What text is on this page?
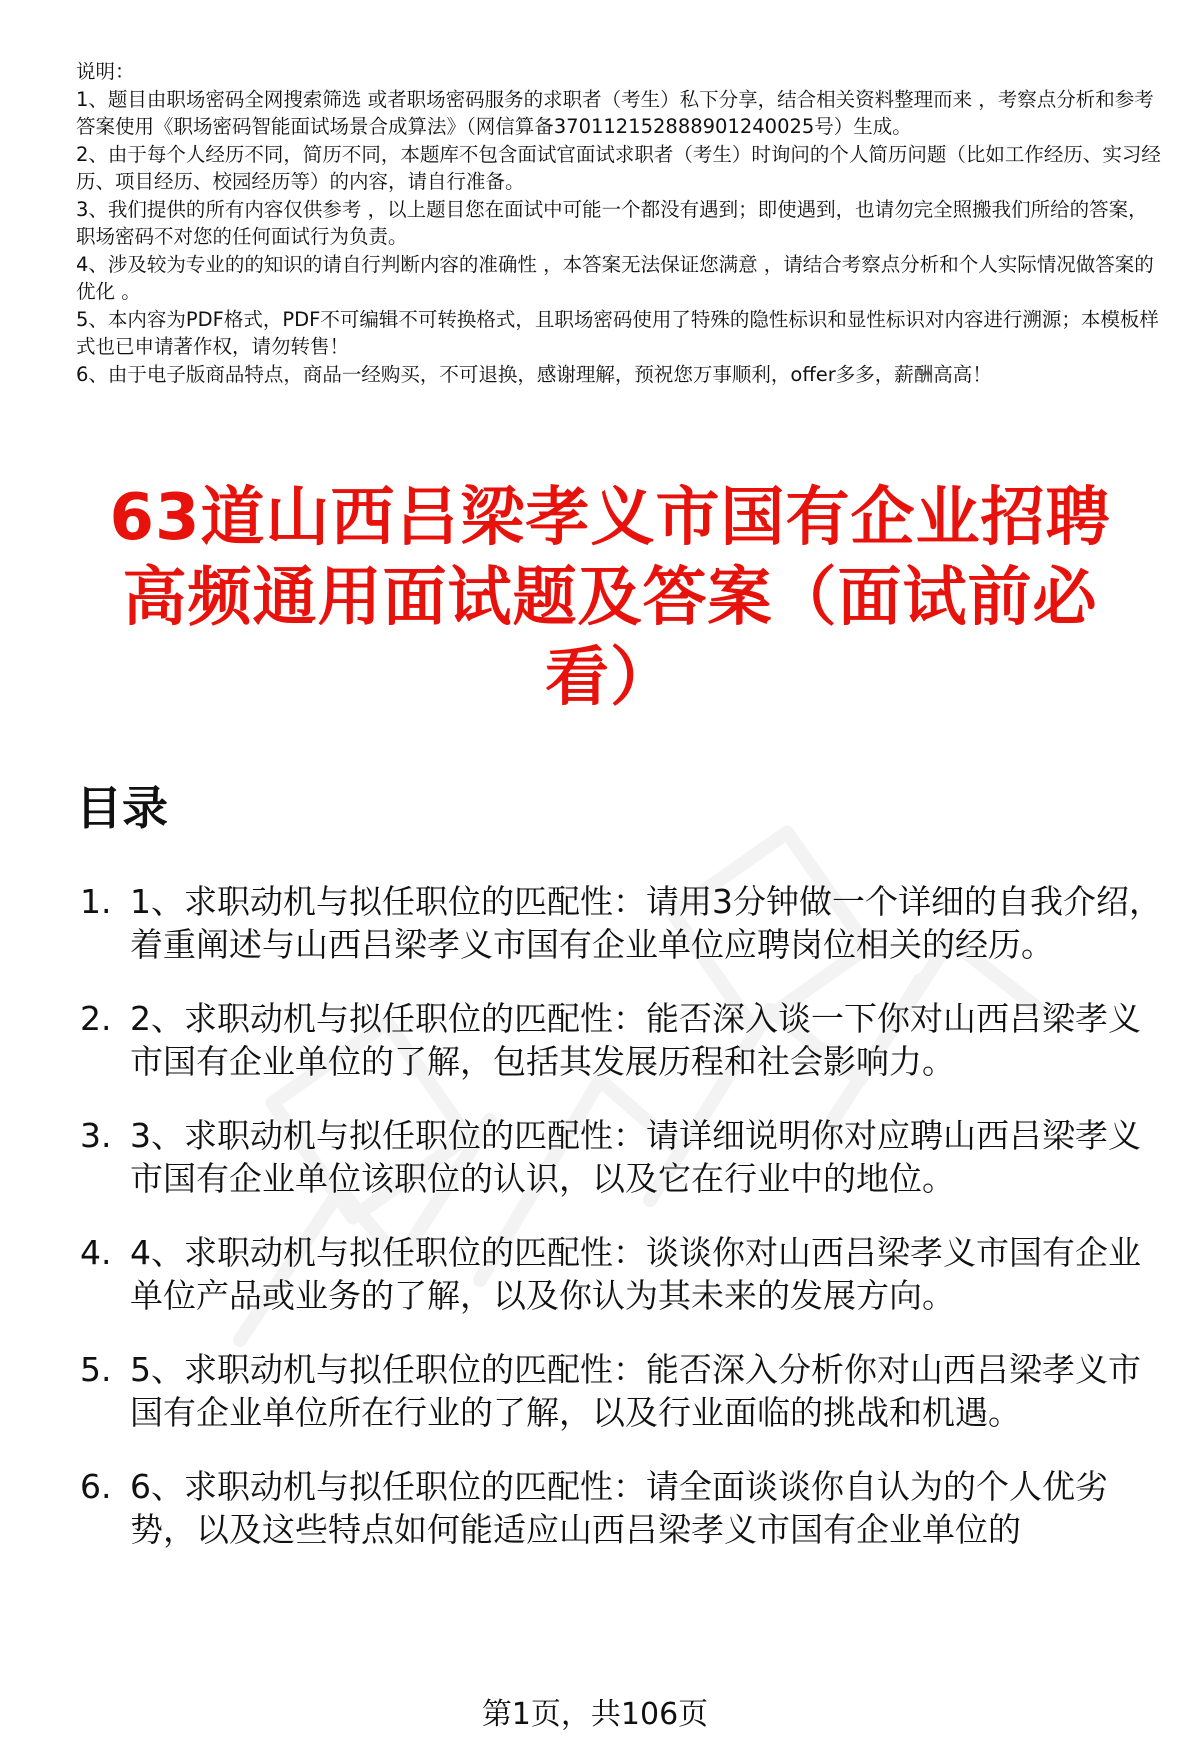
说明：

1、题目由职场密码全网搜索筛选 或者职场密码服务的求职者（考生）私下分享，结合相关资料整理而来 ，考察点分析和参考答案使用《职场密码智能面试场景合成算法》（网信算备370112152888901240025号）生成。

2、由于每个人经历不同，简历不同，本题库不包含面试官面试求职者（考生）时询问的个人简历问题（比如工作经历、实习经历、项目经历、校园经历等）的内容，请自行准备。

3、我们提供的所有内容仅供参考 ，以上题目您在面试中可能一个都没有遇到；即使遇到，也请勿完全照搬我们所给的答案，职场密码不对您的任何面试行为负责。

4、涉及较为专业的的知识的请自行判断内容的准确性 ，本答案无法保证您满意 ，请结合考察点分析和个人实际情况做答案的优化 。

5、本内容为PDF格式，PDF不可编辑不可转换格式，且职场密码使用了特殊的隐性标识和显性标识对内容进行溯源；本模板样式也已申请著作权，请勿转售！

6、由于电子版商品特点，商品一经购买，不可退换，感谢理解，预祝您万事顺利，offer多多，薪酬高高！

63道山西吕梁孝义市国有企业招聘高频通用面试题及答案（面试前必看）
目录
1. 1、求职动机与拟任职位的匹配性：请用3分钟做一个详细的自我介绍，着重阐述与山西吕梁孝义市国有企业单位应聘岗位相关的经历。
2. 2、求职动机与拟任职位的匹配性：能否深入谈一下你对山西吕梁孝义市国有企业单位的了解，包括其发展历程和社会影响力。
3. 3、求职动机与拟任职位的匹配性：请详细说明你对应聘山西吕梁孝义市国有企业单位该职位的认识，以及它在行业中的地位。
4. 4、求职动机与拟任职位的匹配性：谈谈你对山西吕梁孝义市国有企业单位产品或业务的了解，以及你认为其未来的发展方向。
5. 5、求职动机与拟任职位的匹配性：能否深入分析你对山西吕梁孝义市国有企业单位所在行业的了解，以及行业面临的挑战和机遇。
6. 6、求职动机与拟任职位的匹配性：请全面谈谈你自认为的个人优劣势，以及这些特点如何能适应山西吕梁孝义市国有企业单位的
第1页，共106页
